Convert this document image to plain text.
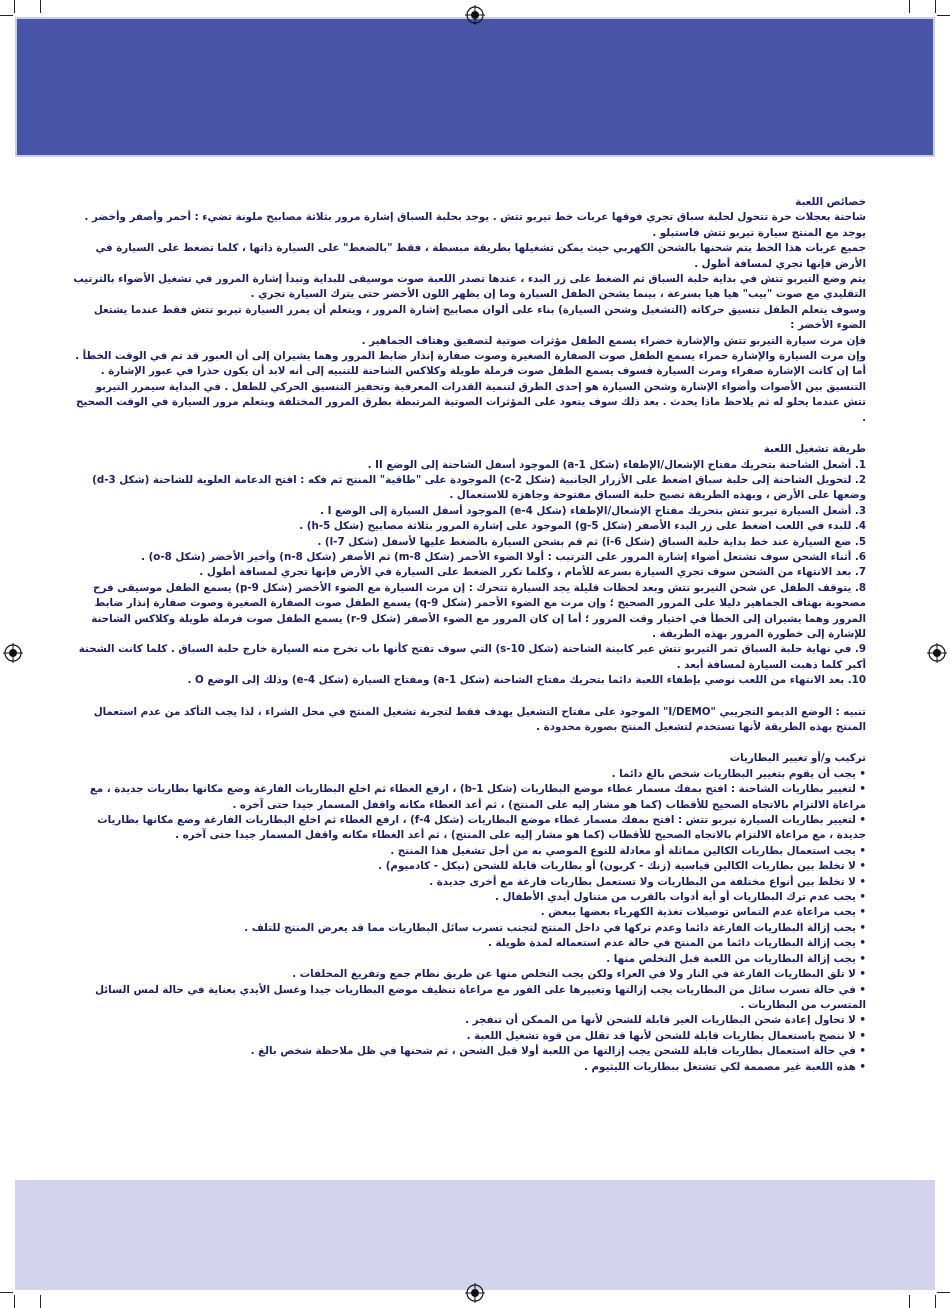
خصائص اللعبة

شاحنة بعجلات حرة تتحول لحلبة سباق تجري فوقها عربات خط تيربو تتش . يوجد بحلبة السباق إشارة مرور بثلاثة مصابيح ملونة تضيء : أحمر وأصفر وأخضر .

يوجد مع المنتج سيارة تيربو تتش فاستبلو .

جميع عربات هذا الخط يتم شحنها بالشحن الكهربي حيث يمكن تشغيلها بطريقة مبسطة ، فقط "بالضغط" على السيارة ذاتها ، كلما تضغط على السيارة في الأرض فإنها تجري لمسافة أطول .

يتم وضع التيربو تتش في بداية حلبة السباق ثم الضغط على زر البدء ، عندها تصدر اللعبة صوت موسيقى للبداية وتبدأ إشارة المرور في تشغيل الأضواء بالترتيب التقليدي مع صوت "بيب" هيا هيا بسرعة ، بينما يشحن الطفل السيارة وما إن يظهر اللون الأخضر حتى يترك السيارة تجري .

وسوف يتعلم الطفل تنسيق حركاته (التشغيل وشحن السيارة) بناء على ألوان مصابيح إشارة المرور ، ويتعلم أن يمرر السيارة تيربو تتش فقط عندما يشتعل الضوء الأخضر :

فإن مرت سيارة التيربو تتش والإشارة خضراء يسمع الطفل مؤثرات صوتية لتصفيق وهتاف الجماهير .

وإن مرت السيارة والإشارة حمراء يسمع الطفل صوت الصفارة الصغيرة وصوت صفارة إنذار ضابط المرور وهما يشيران إلى أن العبور قد تم في الوقت الخطأ .

أما إن كانت الإشارة صفراء ومرت السيارة فسوف يسمع الطفل صوت فرملة طويلة وكلاكس الشاحنة للتنبيه إلى أنه لابد أن يكون حذرا في عبور الإشارة .

التنسيق بين الأصوات وأضواء الإشارة وشحن السيارة هو إحدى الطرق لتنمية القدرات المعرفية وتحفيز التنسيق الحركي للطفل . في البداية سيمرر التيربو تتش عندما يحلو له ثم يلاحظ ماذا يحدث . بعد ذلك سوف يتعود على المؤثرات الصوتية المرتبطة بطرق المرور المختلفة ويتعلم مرور السيارة في الوقت الصحيح .

طريقة تشغيل اللعبة

1. أشعل الشاحنة بتحريك مفتاح الإشعال/الإطفاء (شكل a-1) الموجود أسفل الشاحنة إلى الوضع II .

2. لتحويل الشاحنة إلى حلبة سباق اضغط على الأزرار الجانبية (شكل c-2) الموجودة على "طاقية" المنتج ثم فكه : افتح الدعامة العلوية للشاحنة (شكل d-3) وضعها على الأرض ، وبهذه الطريقة تصبح حلبة السباق مفتوحة وجاهزة للاستعمال .

3. أشعل السيارة تيربو تتش بتحريك مفتاح الإشعال/الإطفاء (شكل e-4) الموجود أسفل السيارة إلى الوضع I .

4. للبدء في اللعب اضغط على زر البدء الأصفر (شكل g-5) الموجود على إشارة المرور بثلاثة مصابيح (شكل h-5) .

5. ضع السيارة عند خط بداية حلبة السباق (شكل i-6) ثم قم بشحن السيارة بالضغط عليها لأسفل (شكل l-7) .

6. أثناء الشحن سوف تشتعل أضواء إشارة المرور على الترتيب : أولا الضوء الأحمر (شكل m-8) ثم الأصفر (شكل n-8) وأخير الأخضر (شكل o-8) .

7. بعد الانتهاء من الشحن سوف تجري السيارة بسرعة للأمام ، وكلما تكرر الضغط على السيارة في الأرض فإنها تجري لمسافة أطول .

8. يتوقف الطفل عن شحن التيربو تتش وبعد لحظات قليلة يجد السيارة تتحرك : إن مرت السيارة مع الضوء الأخضر (شكل p-9) يسمع الطفل موسيقى فرح مصحوبة بهتاف الجماهير دليلا على المرور الصحيح ؛ وإن مرت مع الضوء الأحمر (شكل q-9) يسمع الطفل صوت الصفارة الصغيرة وصوت صفارة إنذار ضابط المرور وهما يشيران إلى الخطأ في اختيار وقت المرور ؛ أما إن كان المرور مع الضوء الأصفر (شكل r-9) يسمع الطفل صوت فرملة طويلة وكلاكس الشاحنة للإشارة إلى خطورة المرور بهذه الطريقة .

9. في نهاية حلبة السباق تمر التيربو تتش عبر كابينة الشاحنة (شكل s-10) التي سوف تفتح كأنها باب تخرج منه السيارة خارج حلبة السباق . كلما كانت الشحنة أكبر كلما ذهبت السيارة لمسافة أبعد .

10. بعد الانتهاء من اللعب نوصي بإطفاء اللعبة دائما بتحريك مفتاح الشاحنة (شكل a-1) ومفتاح السيارة (شكل e-4) وذلك إلى الوضع O .

تنبيه : الوضع الديمو التجريبي "I/DEMO" الموجود على مفتاح التشغيل يهدف فقط لتجربة تشغيل المنتج في محل الشراء ، لذا يجب التأكد من عدم استعمال المنتج بهذه الطريقة لأنها تستخدم لتشغيل المنتج بصورة محدودة .

تركيب و/أو تغيير البطاريات

• يجب أن يقوم بتغيير البطاريات شخص بالغ دائما .

• لتغيير بطاريات الشاحنة : افتح بمفك مسمار غطاء موضع البطاريات (شكل b-1) ، ارفع الغطاء ثم اخلع البطاريات الفارغة وضع مكانها بطاريات جديدة ، مع مراعاة الالتزام بالاتجاه الصحيح للأقطاب (كما هو مشار إليه على المنتج) ، ثم أعد الغطاء مكانه واقفل المسمار جيدا حتى آخره .

• لتغيير بطاريات السيارة تيربو تتش : افتح بمفك مسمار غطاء موضع البطاريات (شكل f-4) ، ارفع الغطاء ثم اخلع البطاريات الفارغة وضع مكانها بطاريات جديدة ، مع مراعاة الالتزام بالاتجاه الصحيح للأقطاب (كما هو مشار إليه على المنتج) ، ثم أعد الغطاء مكانه واقفل المسمار جيدا حتى آخره .

• يجب استعمال بطاريات الكالين مماثلة أو معادلة للنوع الموصي به من أجل تشغيل هذا المنتج .

• لا تخلط بين بطاريات الكالين قياسية (زنك - كربون) أو بطاريات قابلة للشحن (نيكل - كادميوم) .

• لا تخلط بين أنواع مختلفة من البطاريات ولا تستعمل بطاريات فارغة مع أخرى جديدة .

• يجب عدم ترك البطاريات أو أية أدوات بالقرب من متناول أيدي الأطفال .

• يجب مراعاة عدم التماس توصيلات تغذية الكهرباء بعضها ببعض .

• يجب إزالة البطاريات الفارغة دائما وعدم تركها في داخل المنتج لتجنب تسرب سائل البطاريات مما قد يعرض المنتج للتلف .

• يجب إزالة البطاريات دائما من المنتج في حالة عدم استعماله لمدة طويلة .

• يجب إزالة البطاريات من اللعبة قبل التخلص منها .

• لا تلق البطاريات الفارغة في النار ولا في العراء ولكن يجب التخلص منها عن طريق نظام جمع وتفريغ المخلفات .

• في حالة تسرب سائل من البطاريات يجب إزالتها وتغييرها على الفور مع مراعاة تنظيف موضع البطاريات جيدا وغسل الأيدي بعناية في حالة لمس السائل المتسرب من البطاريات .

• لا تحاول إعادة شحن البطاريات الغير قابلة للشحن لأنها من الممكن أن تنفجر .

• لا ننصح باستعمال بطاريات قابلة للشحن لأنها قد تقلل من قوة تشغيل اللعبة .

• في حالة استعمال بطاريات قابلة للشحن يجب إزالتها من اللعبة أولا قبل الشحن ، ثم شحنها في ظل ملاحظة شخص بالغ .

• هذه اللعبة غير مصممة لكي تشتغل ببطاريات الليثيوم .
